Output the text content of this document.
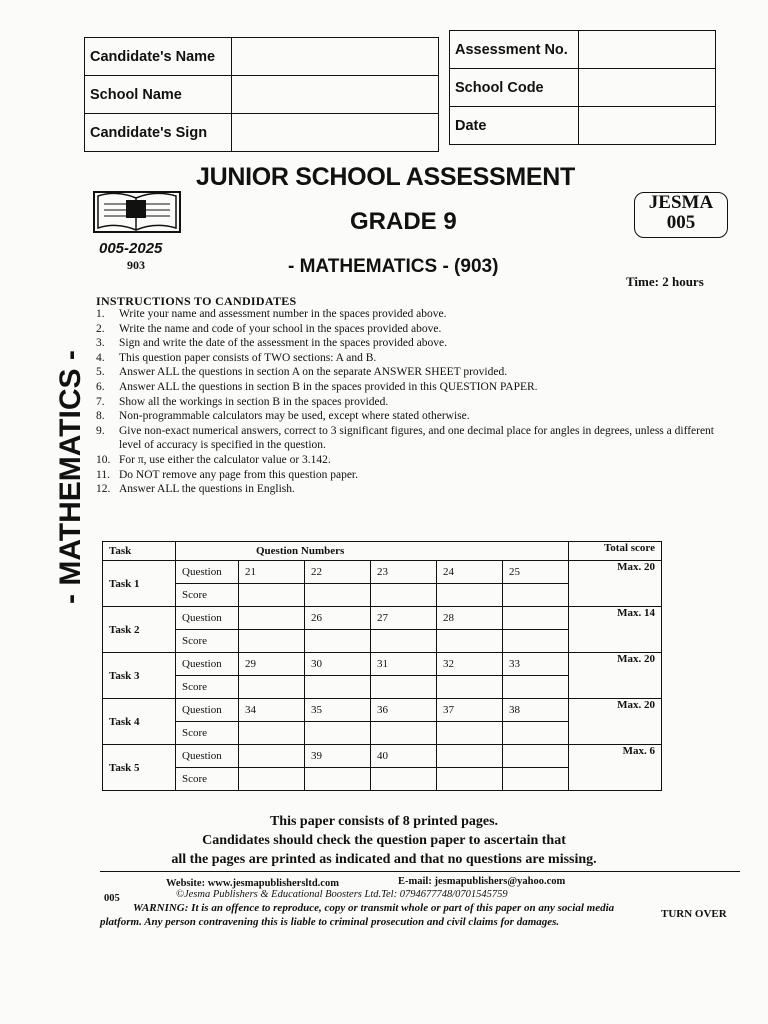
Candidate's Name	
School Name	
Candidate's Sign	
Assessment No.	
School Code	
Date	
005-2025
903
JUNIOR SCHOOL ASSESSMENT
GRADE 9
- MATHEMATICS - (903)
JESMA
005
Time: 2 hours
- MATHEMATICS -
INSTRUCTIONS TO CANDIDATES
1.	Write your name and assessment number in the spaces provided above.
2.	Write the name and code of your school in the spaces provided above.
3.	Sign and write the date of the assessment in the spaces provided above.
4.	This question paper consists of TWO sections: A and B.
5.	Answer ALL the questions in section A on the separate ANSWER SHEET provided.
6.	Answer ALL the questions in section B in the spaces provided in this QUESTION PAPER.
7.	Show all the workings in section B in the spaces provided.
8.	Non-programmable calculators may be used, except where stated otherwise.
9.	Give non-exact numerical answers, correct to 3 significant figures, and one decimal place for angles in degrees, unless a different level of accuracy is specified in the question.
10. For π, use either the calculator value or 3.142.
11. Do NOT remove any page from this question paper.
12. Answer ALL the questions in English.
Task	Question Numbers						Total score
Task 1	Question	21	22	23	24	25	Max. 20
	Score						
Task 2	Question		26	27	28		Max. 14
	Score						
Task 3	Question	29	30	31	32	33	Max. 20
	Score						
Task 4	Question	34	35	36	37	38	Max. 20
	Score						
Task 5	Question		39	40			Max. 6
	Score						
This paper consists of 8 printed pages.
Candidates should check the question paper to ascertain that
all the pages are printed as indicated and that no questions are missing.
005
Website: www.jesmapublishersltd.com	E-mail: jesmapublishers@yahoo.com
©Jesma Publishers & Educational Boosters Ltd.Tel: 0794677748/0701545759
WARNING: It is an offence to reproduce, copy or transmit whole or part of this paper on any social media
platform. Any person contravening this is liable to criminal prosecution and civil claims for damages.
TURN OVER
